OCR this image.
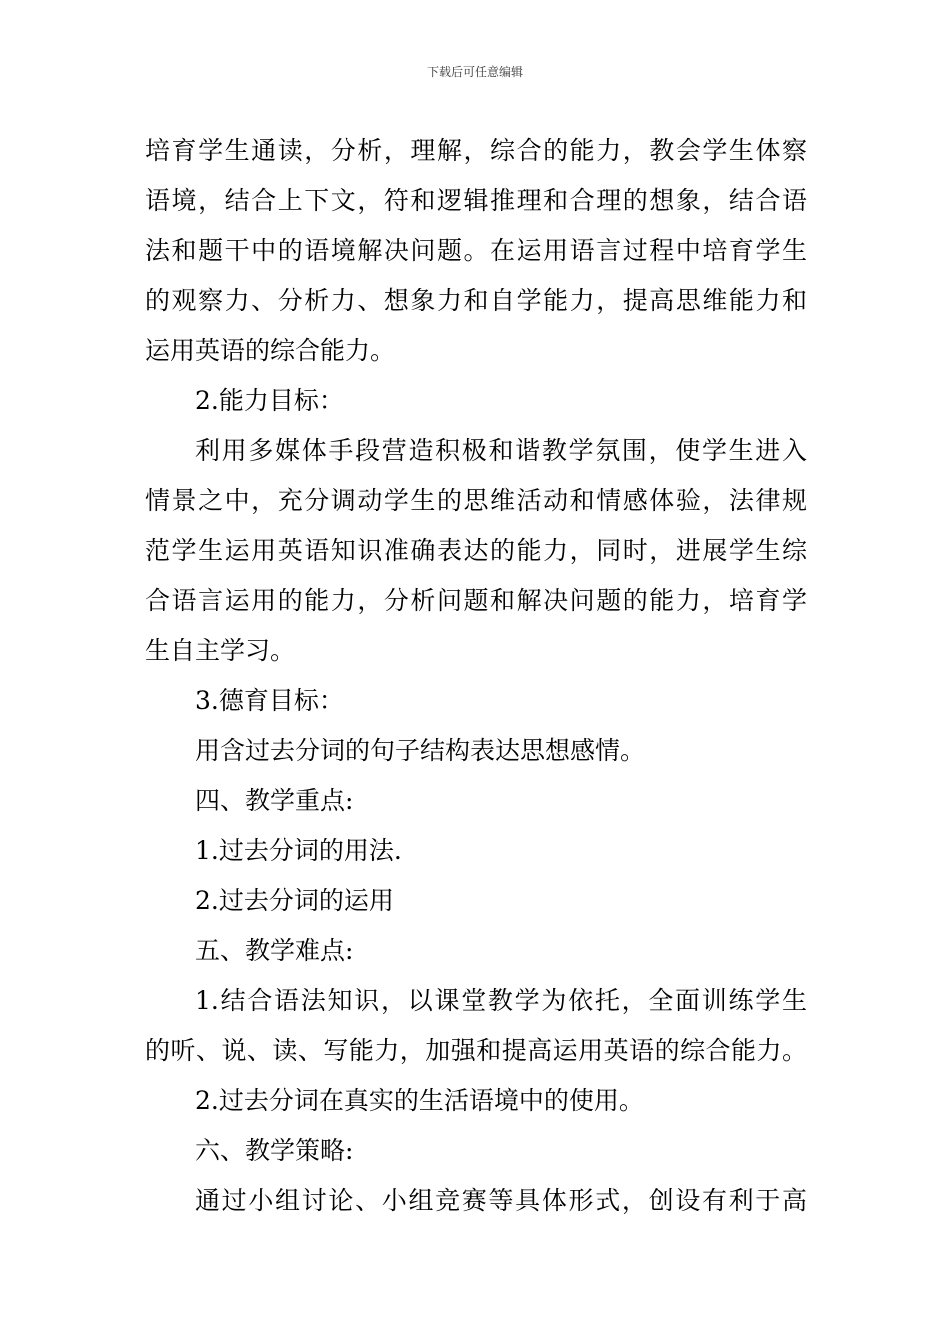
下载后可任意编辑
培育学生通读，分析，理解，综合的能力，教会学生体察
语境，结合上下文，符和逻辑推理和合理的想象，结合语
法和题干中的语境解决问题。在运用语言过程中培育学生
的观察力、分析力、想象力和自学能力，提高思维能力和
运用英语的综合能力。
2.能力目标：
利用多媒体手段营造积极和谐教学氛围，使学生进入
情景之中，充分调动学生的思维活动和情感体验，法律规
范学生运用英语知识准确表达的能力，同时，进展学生综
合语言运用的能力，分析问题和解决问题的能力，培育学
生自主学习。
3.德育目标：
用含过去分词的句子结构表达思想感情。
四、教学重点:
1.过去分词的用法.
2.过去分词的运用
五、教学难点:
1.结合语法知识，以课堂教学为依托，全面训练学生
的听、说、读、写能力，加强和提高运用英语的综合能力。
2.过去分词在真实的生活语境中的使用。
六、教学策略:
通过小组讨论、小组竞赛等具体形式，创设有利于高
